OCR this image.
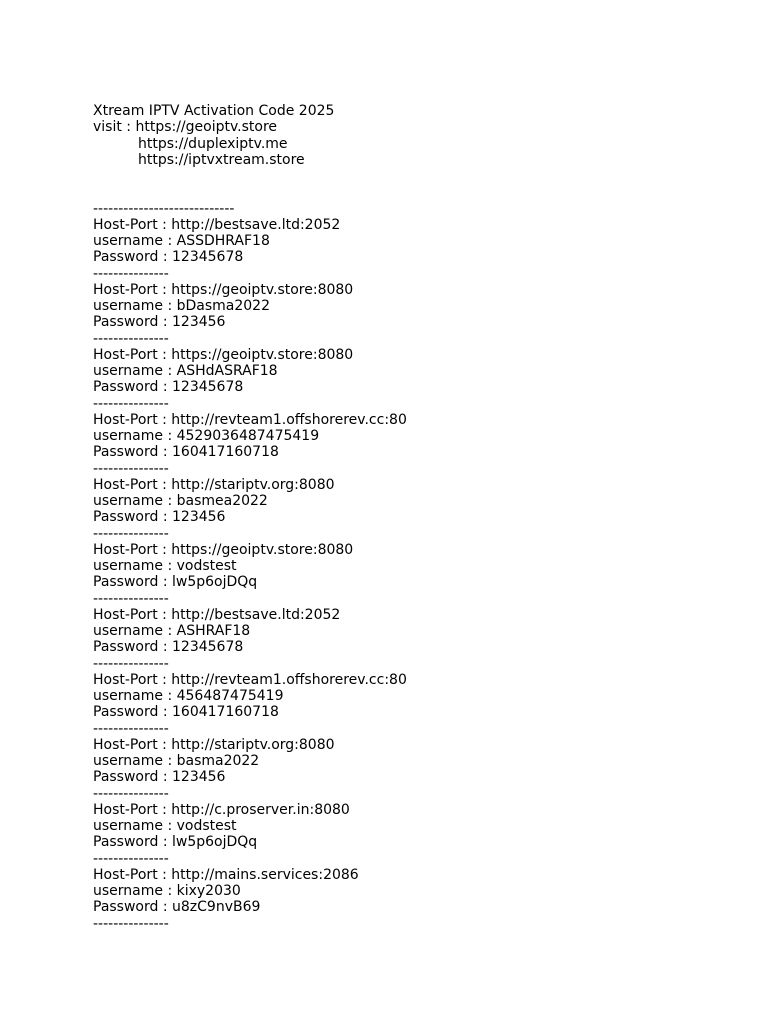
Xtream IPTV Activation Code 2025
visit : https://geoiptv.store
https://duplexiptv.me
https://iptvxtream.store
----------------------------
Host-Port : http://bestsave.ltd:2052
username : ASSDHRAF18
Password : 12345678
---------------
Host-Port : https://geoiptv.store:8080
username : bDasma2022
Password : 123456
---------------
Host-Port : https://geoiptv.store:8080
username : ASHdASRAF18
Password : 12345678
---------------
Host-Port : http://revteam1.offshorerev.cc:80
username : 4529036487475419
Password : 160417160718
---------------
Host-Port : http://stariptv.org:8080
username : basmea2022
Password : 123456
---------------
Host-Port : https://geoiptv.store:8080
username : vodstest
Password : lw5p6ojDQq
---------------
Host-Port : http://bestsave.ltd:2052
username : ASHRAF18
Password : 12345678
---------------
Host-Port : http://revteam1.offshorerev.cc:80
username : 456487475419
Password : 160417160718
---------------
Host-Port : http://stariptv.org:8080
username : basma2022
Password : 123456
---------------
Host-Port : http://c.proserver.in:8080
username : vodstest
Password : lw5p6ojDQq
---------------
Host-Port : http://mains.services:2086
username : kixy2030
Password : u8zC9nvB69
---------------
